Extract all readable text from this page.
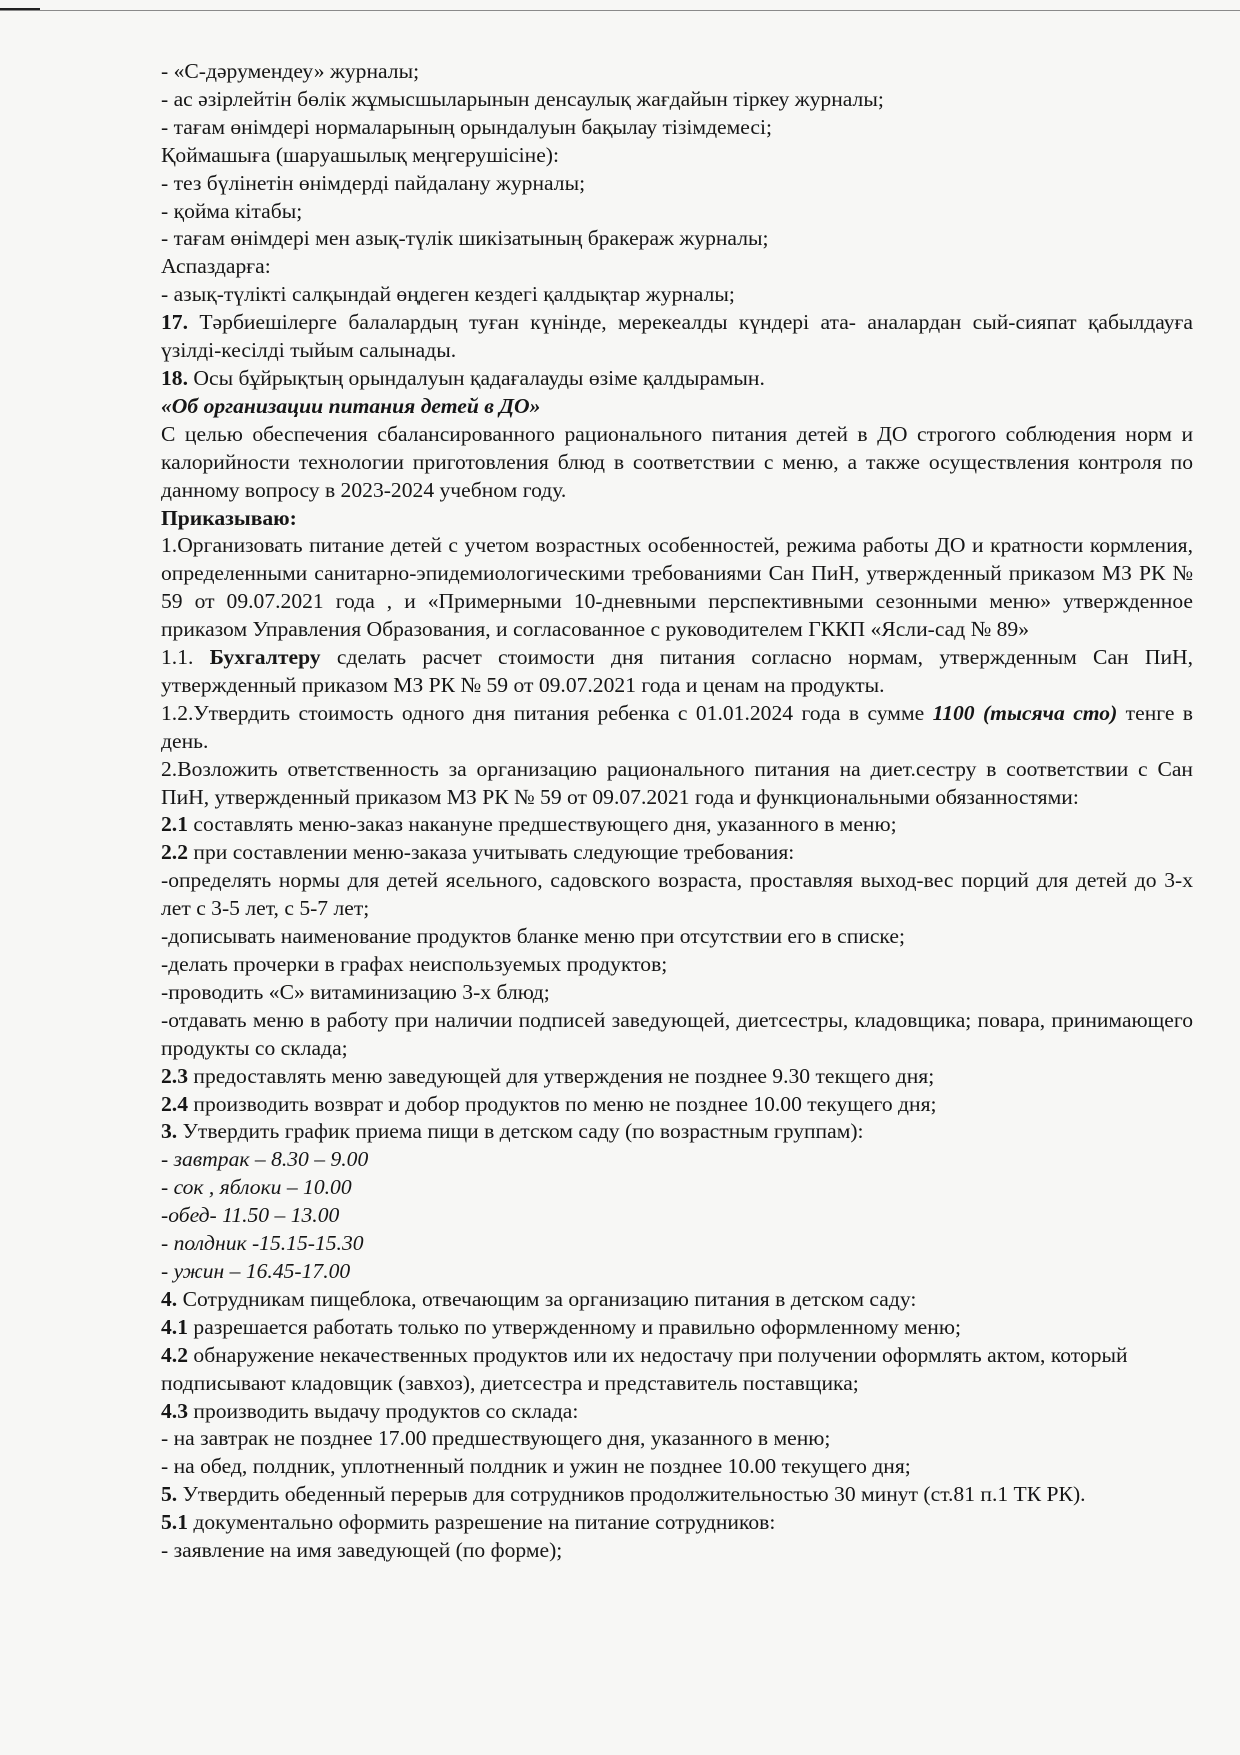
- «С-дәрумендеу» журналы;

- ас әзірлейтін бөлік жұмысшыларынын денсаулық жағдайын тіркеу журналы;

- тағам өнімдері нормаларының орындалуын бақылау тізімдемесі;

Қоймашыға (шаруашылық меңгерушісіне):

- тез бүлінетін өнімдерді пайдалану журналы;

- қойма кітабы;

- тағам өнімдері мен азық-түлік шикізатының бракераж журналы;

Аспаздарға:

- азық-түлікті салқындай өңдеген кездегі қалдықтар журналы;

17. Тәрбиешілерге балалардың туған күнінде, мерекеалды күндері ата- аналардан сый-сияпат қабылдауға үзілді-кесілді тыйым салынады.

18. Осы бұйрықтың орындалуын қадағалауды өзіме қалдырамын.

«Об организации питания детей в ДО»

С целью обеспечения сбалансированного рационального питания детей в ДО строгого соблюдения норм и калорийности технологии приготовления блюд в соответствии с меню, а также осуществления контроля по данному вопросу в 2023-2024 учебном году.

Приказываю:

1.Организовать питание детей с учетом возрастных особенностей, режима работы ДО и кратности кормления, определенными санитарно-эпидемиологическими требованиями Сан ПиН, утвержденный приказом МЗ РК № 59 от 09.07.2021 года , и «Примерными 10-дневными перспективными сезонными меню» утвержденное приказом Управления Образования, и согласованное с руководителем ГККП «Ясли-сад № 89»

1.1. Бухгалтеру сделать расчет стоимости дня питания согласно нормам, утвержденным Сан ПиН, утвержденный приказом МЗ РК № 59 от 09.07.2021 года и ценам на продукты.

1.2.Утвердить стоимость одного дня питания ребенка с 01.01.2024 года в сумме 1100 (тысяча сто) тенге в день.

2.Возложить ответственность за организацию рационального питания на диет.сестру в соответствии с Сан ПиН, утвержденный приказом МЗ РК № 59 от 09.07.2021 года и функциональными обязанностями:

2.1 составлять меню-заказ накануне предшествующего дня, указанного в меню;

2.2 при составлении меню-заказа учитывать следующие требования:

-определять нормы для детей ясельного, садовского возраста, проставляя выход-вес порций для детей до 3-х лет с 3-5 лет, с 5-7 лет;

-дописывать наименование продуктов бланке меню при отсутствии его в списке;

-делать прочерки в графах неиспользуемых продуктов;

-проводить «С» витаминизацию 3-х блюд;

-отдавать меню в работу при наличии подписей заведующей, диетсестры, кладовщика; повара, принимающего продукты со склада;

2.3 предоставлять меню заведующей для утверждения не позднее 9.30 текщего дня;

2.4 производить возврат и добор продуктов по меню не позднее 10.00 текущего дня;

3. Утвердить график приема пищи в детском саду (по возрастным группам):

- завтрак – 8.30 – 9.00

- сок , яблоки – 10.00

-обед- 11.50 – 13.00

- полдник -15.15-15.30

- ужин – 16.45-17.00

4. Сотрудникам пищеблока, отвечающим за организацию питания в детском саду:

4.1 разрешается работать только по утвержденному и правильно оформленному меню;

4.2 обнаружение некачественных продуктов или их недостачу при получении оформлять актом, который подписывают кладовщик (завхоз), диетсестра и представитель поставщика;

4.3 производить выдачу продуктов со склада:

- на завтрак не позднее 17.00 предшествующего дня, указанного в меню;

- на обед, полдник, уплотненный полдник и ужин не позднее 10.00 текущего дня;

5. Утвердить обеденный перерыв для сотрудников продолжительностью 30 минут (ст.81 п.1 ТК РК).

5.1 документально оформить разрешение на питание сотрудников:

- заявление на имя заведующей (по форме);
